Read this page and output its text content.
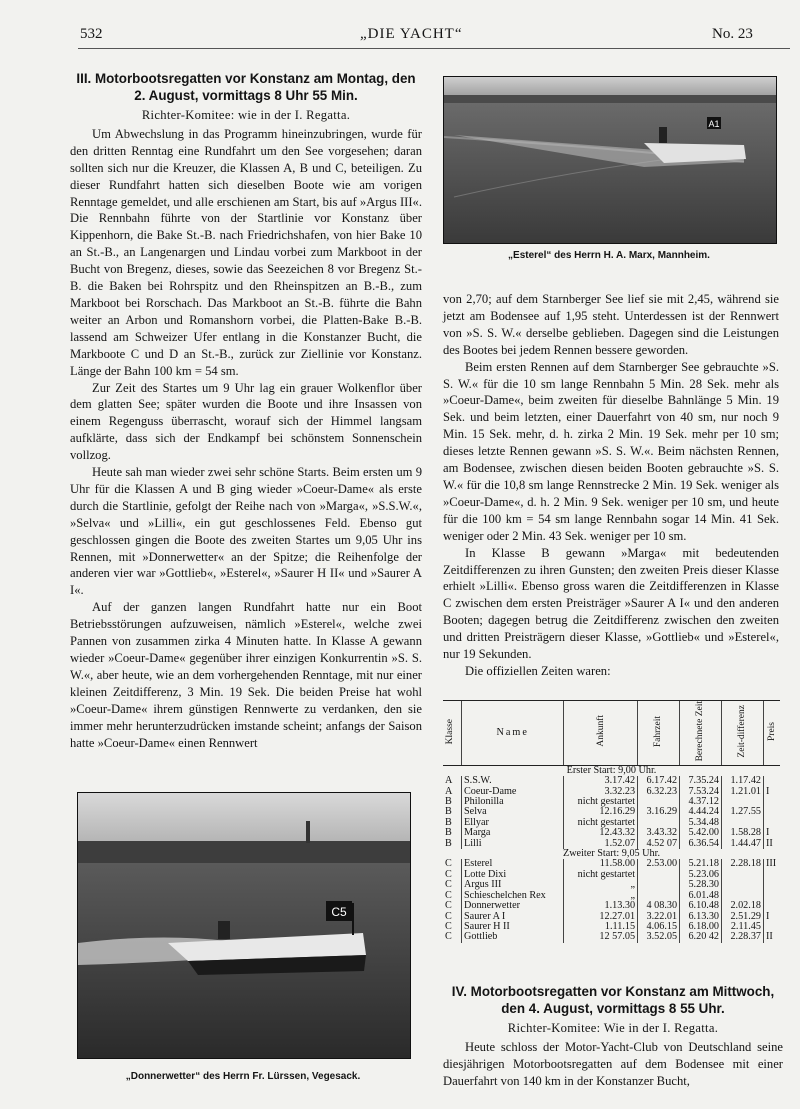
532	„DIE YACHT“	No. 23
III. Motorbootsregatten vor Konstanz am Montag, den 2. August, vormittags 8 Uhr 55 Min.
Richter-Komitee: wie in der I. Regatta.

Um Abwechslung in das Programm hineinzubringen, wurde für den dritten Renntag eine Rundfahrt um den See vorgesehen; daran sollten sich nur die Kreuzer, die Klassen A, B und C, beteiligen. Zu dieser Rundfahrt hatten sich dieselben Boote wie am vorigen Renntage gemeldet, und alle erschienen am Start, bis auf »Argus III«. Die Rennbahn führte von der Startlinie vor Konstanz über Kippenhorn, die Bake St.-B. nach Friedrichshafen, von hier Bake 10 an St.-B., an Langenargen und Lindau vorbei zum Markboot in der Bucht von Bregenz, dieses, sowie das Seezeichen 8 vor Bregenz St.-B. die Baken bei Rohrspitz und den Rheinspitzen an B.-B., zum Markboot bei Rorschach. Das Markboot an St.-B. führte die Bahn weiter an Arbon und Romanshorn vorbei, die Platten-Bake B.-B. lassend am Schweizer Ufer entlang in die Konstanzer Bucht, die Markboote C und D an St.-B., zurück zur Ziellinie vor Konstanz. Länge der Bahn 100 km = 54 sm.

Zur Zeit des Startes um 9 Uhr lag ein grauer Wolkenflor über dem glatten See; später wurden die Boote und ihre Insassen von einem Regenguss überrascht, worauf sich der Himmel langsam aufklärte, dass sich der Endkampf bei schönstem Sonnenschein vollzog.

Heute sah man wieder zwei sehr schöne Starts. Beim ersten um 9 Uhr für die Klassen A und B ging wieder »Coeur-Dame« als erste durch die Startlinie, gefolgt der Reihe nach von »Marga«, »S.S.W.«, »Selva« und »Lilli«, ein gut geschlossenes Feld. Ebenso gut geschlossen gingen die Boote des zweiten Startes um 9,05 Uhr ins Rennen, mit »Donnerwetter« an der Spitze; die Reihenfolge der anderen vier war »Gottlieb«, »Esterel«, »Saurer H II« und »Saurer A I«.

Auf der ganzen langen Rundfahrt hatte nur ein Boot Betriebsstörungen aufzuweisen, nämlich »Esterel«, welche zwei Pannen von zusammen zirka 4 Minuten hatte. In Klasse A gewann wieder »Coeur-Dame« gegenüber ihrer einzigen Konkurrentin »S. S. W.«, aber heute, wie an dem vorhergehenden Renntage, mit nur einer kleinen Zeitdifferenz, 3 Min. 19 Sek. Die beiden Preise hat wohl »Coeur-Dame« ihrem günstigen Rennwerte zu verdanken, den sie immer mehr herunterzudrücken imstande scheint; anfangs der Saison hatte »Coeur-Dame« einen Rennwert

A1
„Esterel“ des Herrn H. A. Marx, Mannheim.

von 2,70; auf dem Starnberger See lief sie mit 2,45, während sie jetzt am Bodensee auf 1,95 steht. Unterdessen ist der Rennwert von »S. S. W.« derselbe geblieben. Dagegen sind die Leistungen des Bootes bei jedem Rennen bessere geworden.

Beim ersten Rennen auf dem Starnberger See gebrauchte »S. S. W.« für die 10 sm lange Rennbahn 5 Min. 28 Sek. mehr als »Coeur-Dame«, beim zweiten für dieselbe Bahnlänge 5 Min. 19 Sek. und beim letzten, einer Dauerfahrt von 40 sm, nur noch 9 Min. 15 Sek. mehr, d. h. zirka 2 Min. 19 Sek. mehr per 10 sm; dieses letzte Rennen gewann »S. S. W.«. Beim nächsten Rennen, am Bodensee, zwischen diesen beiden Booten gebrauchte »S. S. W.« für die 10,8 sm lange Rennstrecke 2 Min. 19 Sek. weniger als »Coeur-Dame«, d. h. 2 Min. 9 Sek. weniger per 10 sm, und heute für die 100 km = 54 sm lange Rennbahn sogar 14 Min. 41 Sek. weniger oder 2 Min. 43 Sek. weniger per 10 sm.

In Klasse B gewann »Marga« mit bedeutenden Zeitdifferenzen zu ihren Gunsten; den zweiten Preis dieser Klasse erhielt »Lilli«. Ebenso gross waren die Zeitdifferenzen in Klasse C zwischen dem ersten Preisträger »Saurer A I« und den anderen Booten; dagegen betrug die Zeitdifferenz zwischen den zweiten und dritten Preisträgern dieser Klasse, »Gottlieb« und »Esterel«, nur 19 Sekunden.

Die offiziellen Zeiten waren:

Klasse	Name	Ankunft	Fahrzeit	Berechnete Zeit	Zeit-differenz	Preis
Erster Start: 9,00 Uhr.						
A	S.S.W.	3.17.42	6.17.42	7.35.24	1.17.42	
A	Coeur-Dame	3.32.23	6.32.23	7.53.24	1.21.01	I
B	Philonilla	nicht gestartet		4.37.12		
B	Selva	12.16.29	3.16.29	4.44.24	1.27.55	
B	Ellyar	nicht gestartet		5.34.48		
B	Marga	12.43.32	3.43.32	5.42.00	1.58.28	I
B	Lilli	1.52.07	4.52 07	6.36.54	1.44.47	II
Zweiter Start: 9,05 Uhr.						
C	Esterel	11.58.00	2.53.00	5.21.18	2.28.18	III
C	Lotte Dixi	nicht gestartet		5.23.06		
C	Argus III	„		5.28.30		
C	Schieschelchen Rex	„		6.01.48		
C	Donnerwetter	1.13.30	4 08.30	6.10.48	2.02.18	
C	Saurer A I	12.27.01	3.22.01	6.13.30	2.51.29	I
C	Saurer H II	1.11.15	4.06.15	6.18.00	2.11.45	
C	Gottlieb	12 57.05	3.52.05	6.20 42	2.28.37	II
C5
„Donnerwetter“ des Herrn Fr. Lürssen, Vegesack.
IV. Motorbootsregatten vor Konstanz am Mittwoch, den 4. August, vormittags 8 55 Uhr.
Richter-Komitee: Wie in der I. Regatta.

Heute schloss der Motor-Yacht-Club von Deutschland seine diesjährigen Motorbootsregatten auf dem Bodensee mit einer Dauerfahrt von 140 km in der Konstanzer Bucht,
